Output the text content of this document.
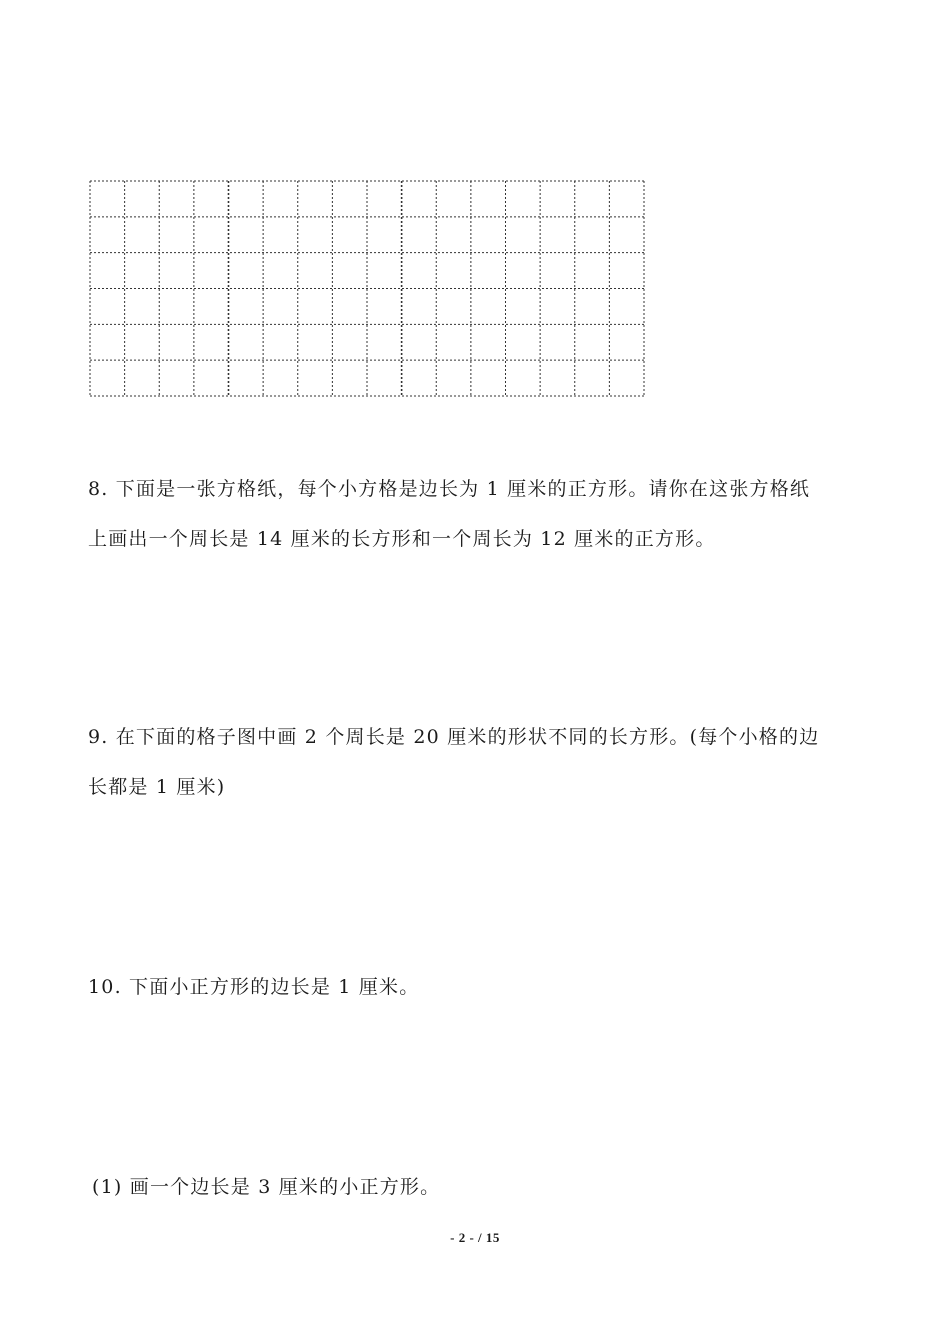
8. 下面是一张方格纸，每个小方格是边长为 1 厘米的正方形。请你在这张方格纸
上画出一个周长是 14 厘米的长方形和一个周长为 12 厘米的正方形。
9. 在下面的格子图中画 2 个周长是 20 厘米的形状不同的长方形。(每个小格的边
长都是 1 厘米)
10. 下面小正方形的边长是 1 厘米。
(1) 画一个边长是 3 厘米的小正方形。
- 2 - / 15
